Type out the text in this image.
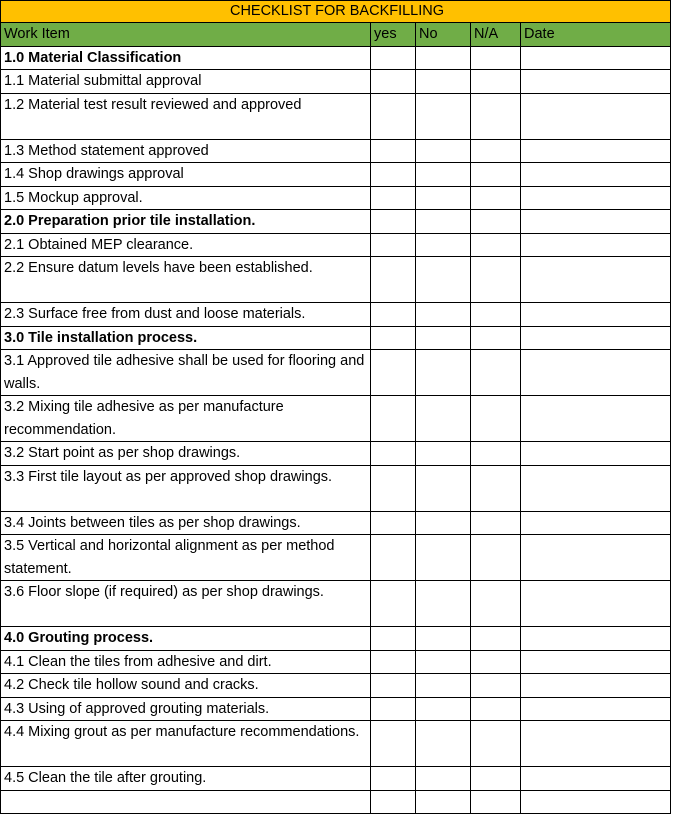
CHECKLIST FOR BACKFILLING				
Work Item	yes	No	N/A	Date
1.0 Material Classification				
1.1 Material submittal approval				
1.2 Material test result reviewed and approved				
1.3 Method statement approved				
1.4 Shop drawings approval				
1.5 Mockup approval.				
2.0 Preparation prior tile installation.				
2.1 Obtained MEP clearance.				
2.2 Ensure datum levels have been established.				
2.3 Surface free from dust and loose materials.				
3.0 Tile installation process.				
3.1 Approved tile adhesive shall be used for flooring and walls.				
3.2 Mixing tile adhesive as per manufacture recommendation.				
3.2 Start point as per shop drawings.				
3.3 First tile layout as per approved shop drawings.				
3.4 Joints between tiles as per shop drawings.				
3.5 Vertical and horizontal alignment as per method statement.				
3.6 Floor slope (if required) as per shop drawings.				
4.0 Grouting process.				
4.1 Clean the tiles from adhesive and dirt.				
4.2 Check tile hollow sound and cracks.				
4.3 Using of approved grouting materials.				
4.4 Mixing grout as per manufacture recommendations.				
4.5 Clean the tile after grouting.				
